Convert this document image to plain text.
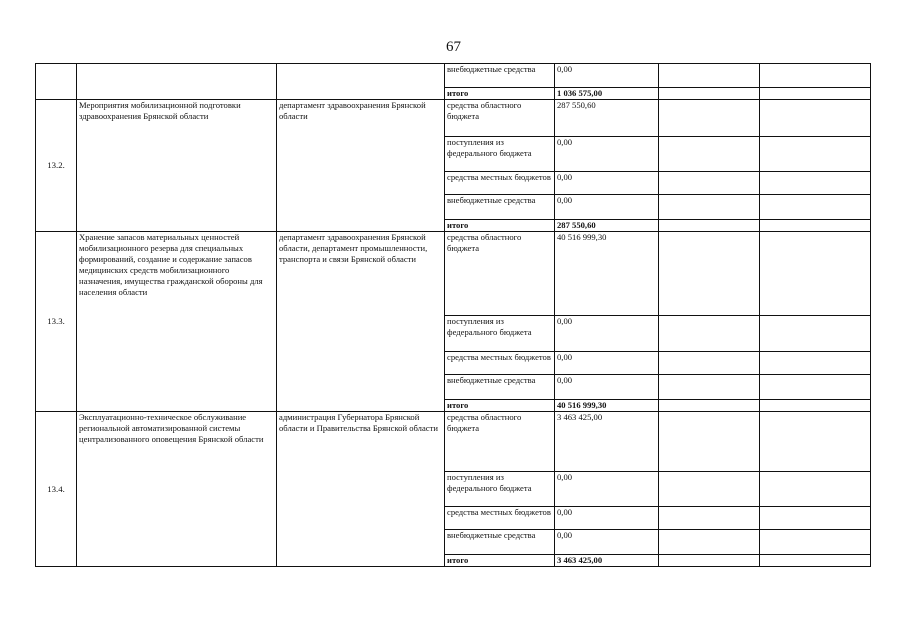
67
			внебюджетные средства	0,00		
			итого	1 036 575,00		
13.2.	Мероприятия мобилизационной подготовки здравоохранения Брянской области	департамент здравоохранения Брянской области	средства областного бюджета	287 550,60		
			поступления из федерального бюджета	0,00		
			средства местных бюджетов	0,00		
			внебюджетные средства	0,00		
			итого	287 550,60		
13.3.	Хранение запасов материальных ценностей мобилизационного резерва для специальных формирований, создание и содержание запасов медицинских средств мобилизационного назначения, имущества гражданской обороны для населения области	департамент здравоохранения Брянской области, департамент промышленности, транспорта и связи Брянской области	средства областного бюджета	40 516 999,30		
			поступления из федерального бюджета	0,00		
			средства местных бюджетов	0,00		
			внебюджетные средства	0,00		
			итого	40 516 999,30		
13.4.	Эксплуатационно-техническое обслуживание региональной автоматизированной системы централизованного оповещения Брянской области	администрация Губернатора Брянской области и Правительства Брянской области	средства областного бюджета	3 463 425,00		
			поступления из федерального бюджета	0,00		
			средства местных бюджетов	0,00		
			внебюджетные средства	0,00		
			итого	3 463 425,00		
